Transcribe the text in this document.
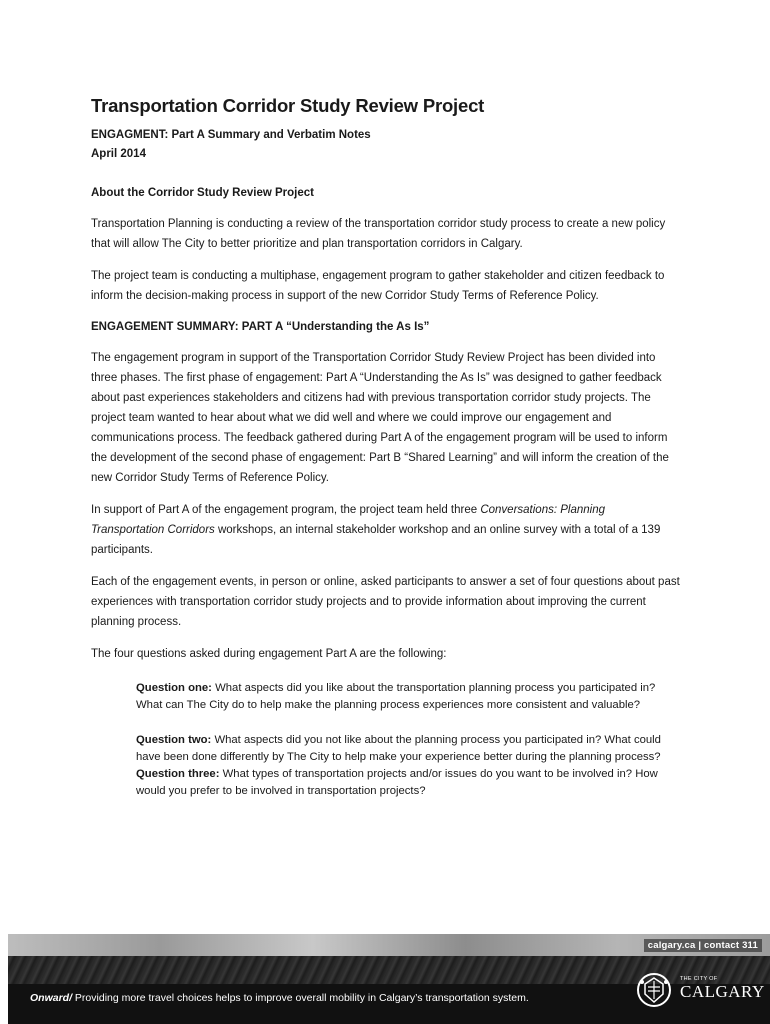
Transportation Corridor Study Review Project
ENGAGMENT: Part A Summary and Verbatim Notes
April 2014
About the Corridor Study Review Project

Transportation Planning is conducting a review of the transportation corridor study process to create a new policy that will allow The City to better prioritize and plan transportation corridors in Calgary.

The project team is conducting a multiphase, engagement program to gather stakeholder and citizen feedback to inform the decision-making process in support of the new Corridor Study Terms of Reference Policy.

ENGAGEMENT SUMMARY: PART A “Understanding the As Is”

The engagement program in support of the Transportation Corridor Study Review Project has been divided into three phases. The first phase of engagement: Part A “Understanding the As Is” was designed to gather feedback about past experiences stakeholders and citizens had with previous transportation corridor study projects. The project team wanted to hear about what we did well and where we could improve our engagement and communications process. The feedback gathered during Part A of the engagement program will be used to inform the development of the second phase of engagement: Part B “Shared Learning” and will inform the creation of the new Corridor Study Terms of Reference Policy.

In support of Part A of the engagement program, the project team held three Conversations: Planning Transportation Corridors workshops, an internal stakeholder workshop and an online survey with a total of a 139 participants.

Each of the engagement events, in person or online, asked participants to answer a set of four questions about past experiences with transportation corridor study projects and to provide information about improving the current planning process.

The four questions asked during engagement Part A are the following:

Question one: What aspects did you like about the transportation planning process you participated in? What can The City do to help make the planning process experiences more consistent and valuable?
Question two: What aspects did you not like about the planning process you participated in? What could have been done differently by The City to help make your experience better during the planning process?
Question three: What types of transportation projects and/or issues do you want to be involved in? How would you prefer to be involved in transportation projects?
calgary.ca | contact 311
Onward/ Providing more travel choices helps to improve overall mobility in Calgary’s transportation system.
THE CITY OF
CALGARY
